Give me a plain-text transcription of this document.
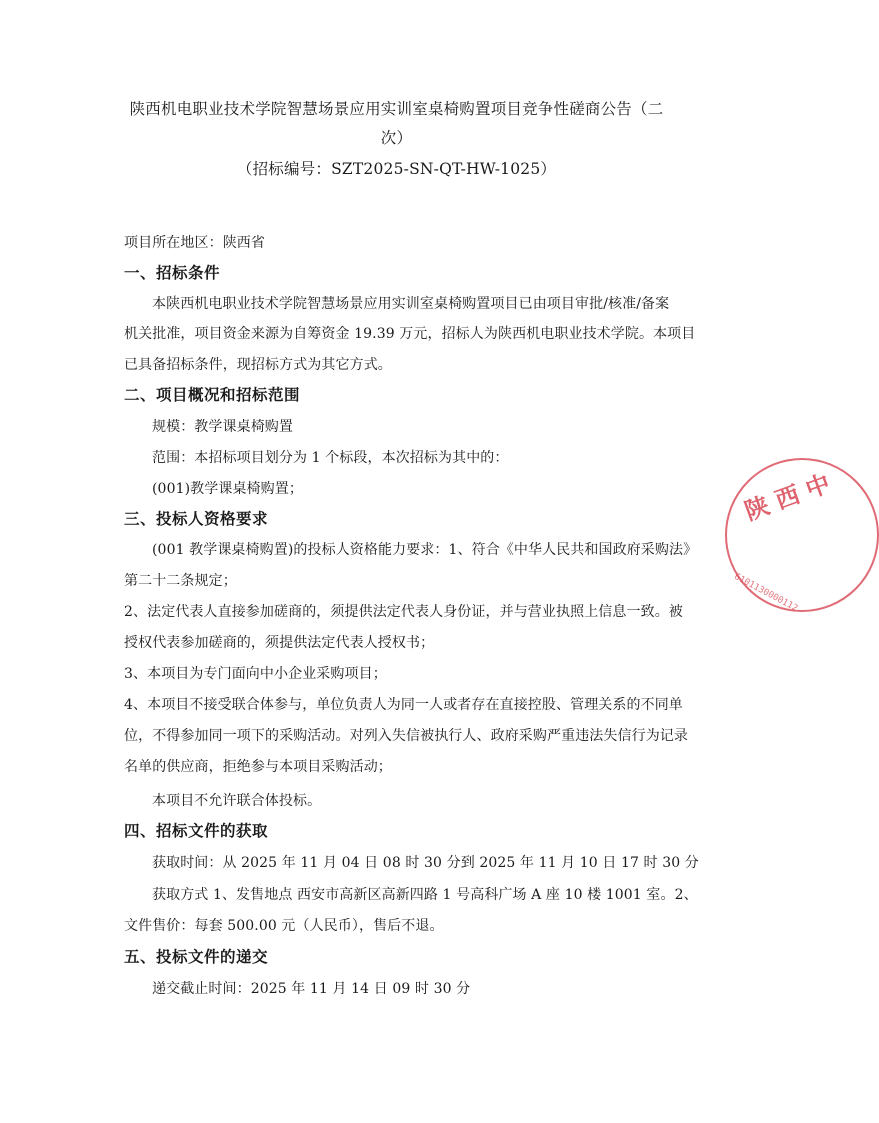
陕西机电职业技术学院智慧场景应用实训室桌椅购置项目竞争性磋商公告（二
次）
（招标编号：SZT2025-SN-QT-HW-1025）
项目所在地区：陕西省
一、招标条件
本陕西机电职业技术学院智慧场景应用实训室桌椅购置项目已由项目审批/核准/备案
机关批准，项目资金来源为自筹资金 19.39 万元，招标人为陕西机电职业技术学院。本项目
已具备招标条件，现招标方式为其它方式。
二、项目概况和招标范围
规模：教学课桌椅购置
范围：本招标项目划分为 1 个标段，本次招标为其中的：
(001)教学课桌椅购置；
三、投标人资格要求
(001 教学课桌椅购置)的投标人资格能力要求：1、符合《中华人民共和国政府采购法》
第二十二条规定；
2、法定代表人直接参加磋商的，须提供法定代表人身份证，并与营业执照上信息一致。被
授权代表参加磋商的，须提供法定代表人授权书；
3、本项目为专门面向中小企业采购项目；
4、本项目不接受联合体参与，单位负责人为同一人或者存在直接控股、管理关系的不同单
位，不得参加同一项下的采购活动。对列入失信被执行人、政府采购严重违法失信行为记录
名单的供应商，拒绝参与本项目采购活动；
本项目不允许联合体投标。
四、招标文件的获取
获取时间：从 2025 年 11 月 04 日 08 时 30 分到 2025 年 11 月 10 日 17 时 30 分
获取方式 1、发售地点 西安市高新区高新四路 1 号高科广场 A 座 10 楼 1001 室。2、
文件售价：每套 500.00 元（人民币），售后不退。
五、投标文件的递交
递交截止时间：2025 年 11 月 14 日 09 时 30 分
陕 西 中
6101130000112
